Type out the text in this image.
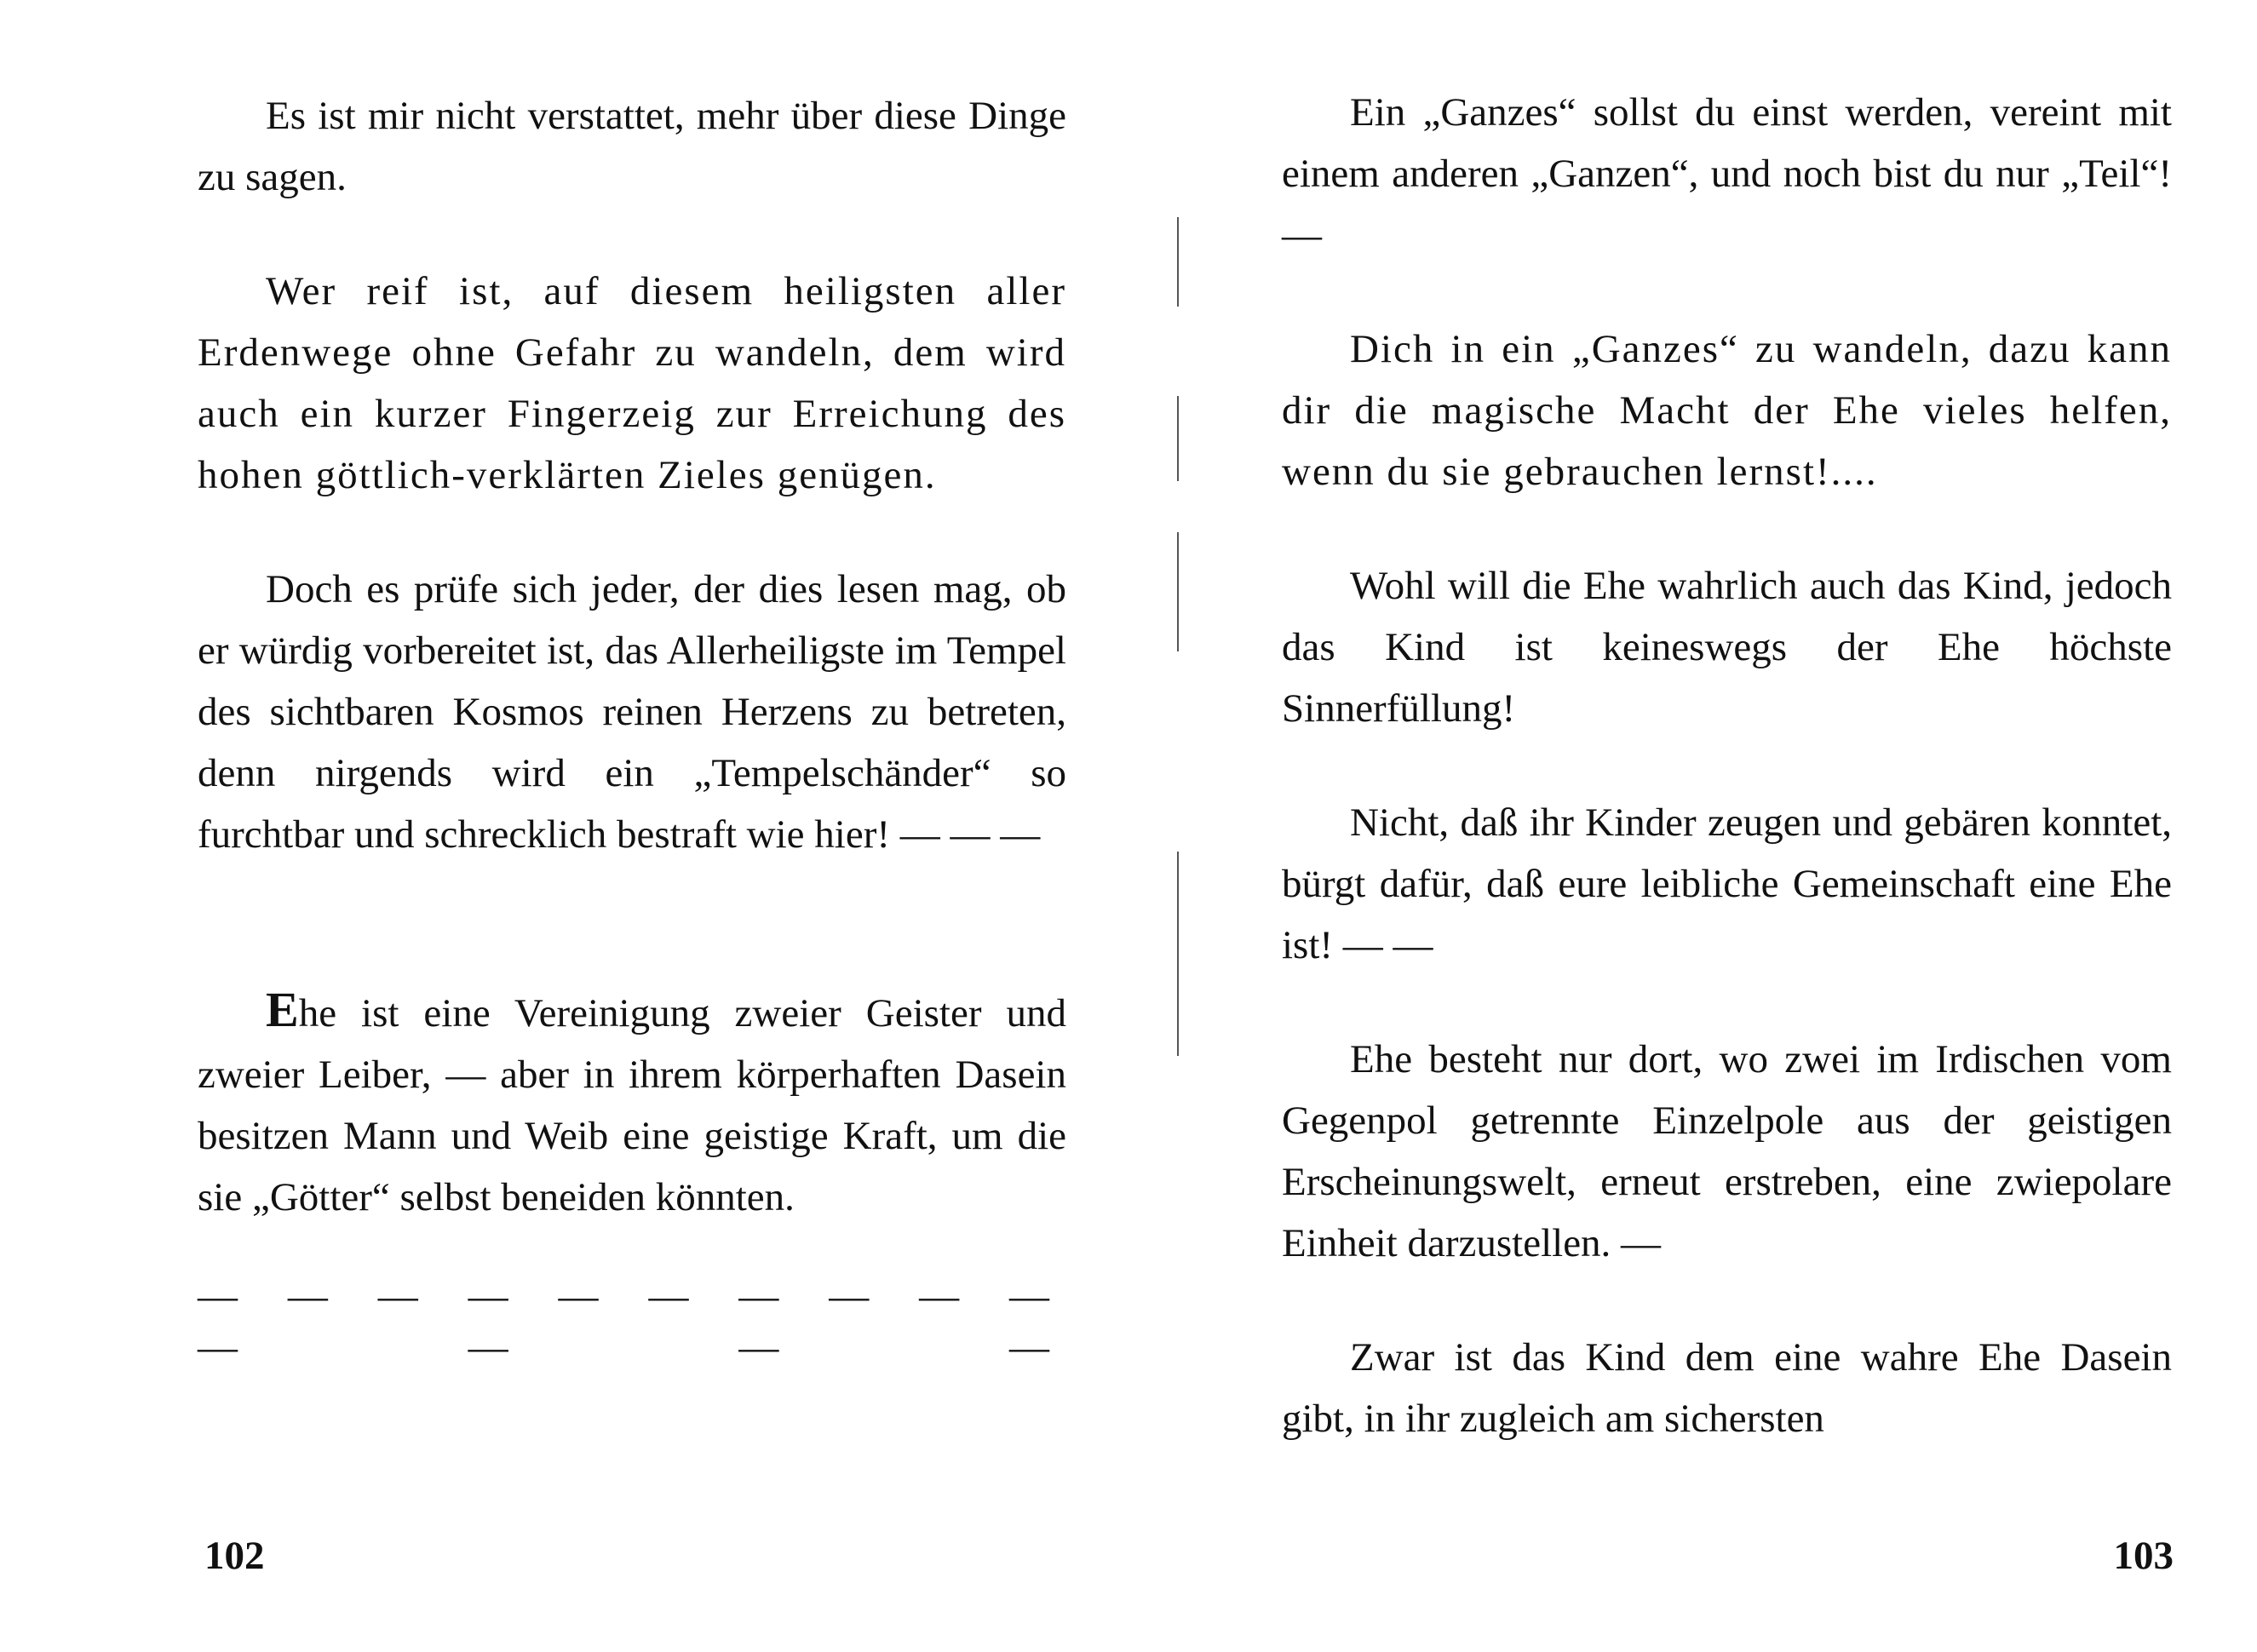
Es ist mir nicht verstattet, mehr über diese Dinge zu sagen.

Wer reif ist, auf diesem heiligsten aller Erdenwege ohne Gefahr zu wandeln, dem wird auch ein kurzer Fingerzeig zur Erreichung des hohen göttlich-verklärten Zieles genügen.

Doch es prüfe sich jeder, der dies lesen mag, ob er würdig vorbereitet ist, das Allerheiligste im Tempel des sichtbaren Kosmos reinen Herzens zu betreten, denn nirgends wird ein „Tempelschänder“ so furchtbar und schrecklich bestraft wie hier! — — —

Ehe ist eine Vereinigung zweier Geister und zweier Leiber, — aber in ihrem körperhaften Dasein besitzen Mann und Weib eine geistige Kraft, um die sie „Götter“ selbst beneiden könnten.

— — — — — — — — — — — — — —
102

Ein „Ganzes“ sollst du einst werden, vereint mit einem anderen „Ganzen“, und noch bist du nur „Teil“! —

Dich in ein „Ganzes“ zu wandeln, dazu kann dir die magische Macht der Ehe vieles helfen, wenn du sie gebrauchen lernst!....

Wohl will die Ehe wahrlich auch das Kind, jedoch das Kind ist keineswegs der Ehe höchste Sinnerfüllung!

Nicht, daß ihr Kinder zeugen und gebären konntet, bürgt dafür, daß eure leibliche Gemeinschaft eine Ehe ist! — —

Ehe besteht nur dort, wo zwei im Irdischen vom Gegenpol getrennte Einzelpole aus der geistigen Erscheinungswelt, erneut erstreben, eine zwiepolare Einheit darzustellen. —

Zwar ist das Kind dem eine wahre Ehe Dasein gibt, in ihr zugleich am sichersten

103
